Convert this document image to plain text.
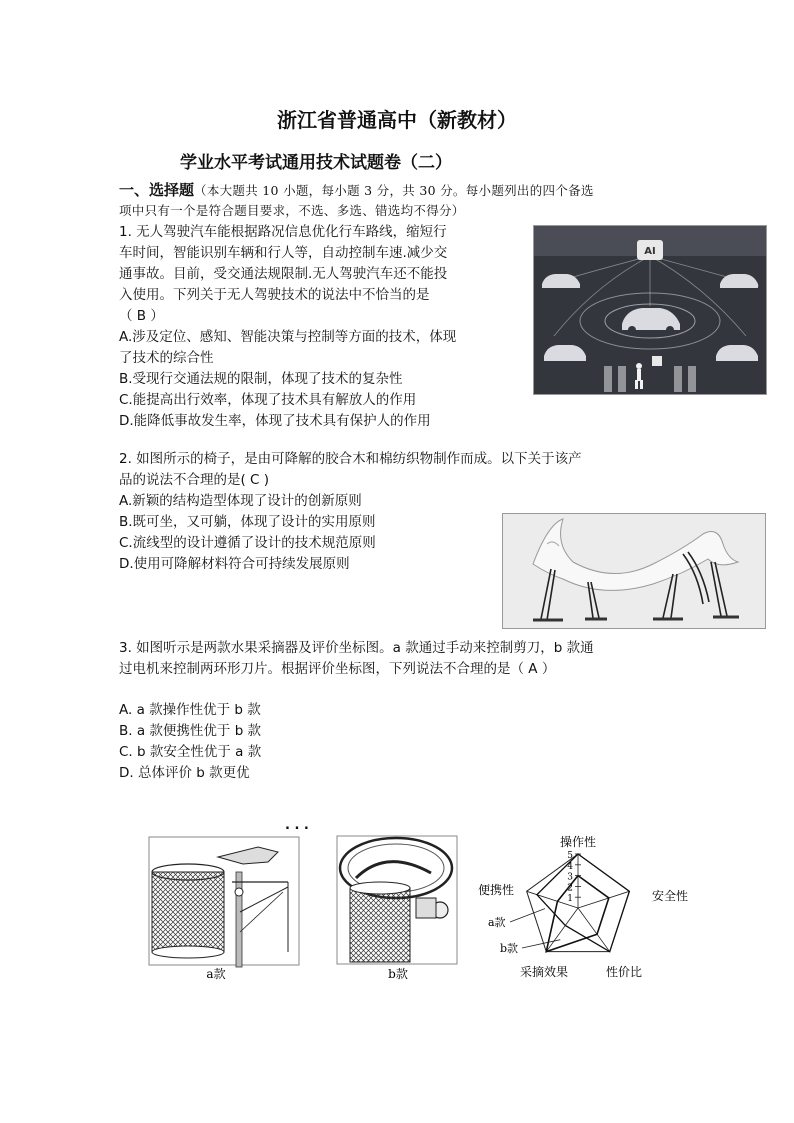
浙江省普通高中（新教材）
学业水平考试通用技术试题卷（二）
一、选择题（本大题共 10 小题，每小题 3 分，共 30 分。每小题列出的四个备选
项中只有一个是符合题目要求，不选、多选、错选均不得分）

1. 无人驾驶汽车能根据路况信息优化行车路线，缩短行

车时间，智能识别车辆和行人等，自动控制车速.减少交

通事故。目前，受交通法规限制.无人驾驶汽车还不能投

入使用。下列关于无人驾驶技术的说法中不恰当的是

（ B ）

A.涉及定位、感知、智能决策与控制等方面的技术，体现

了技术的综合性

B.受现行交通法规的限制，体现了技术的复杂性

C.能提高出行效率，体现了技术具有解放人的作用

D.能降低事故发生率，体现了技术具有保护人的作用

AI

2. 如图所示的椅子，是由可降解的胶合木和棉纺织物制作而成。以下关于该产

品的说法不合理的是( C )

A.新颖的结构造型体现了设计的创新原则

B.既可坐，又可躺，体现了设计的实用原则

C.流线型的设计遵循了设计的技术规范原则

D.使用可降解材料符合可持续发展原则

3. 如图听示是两款水果采摘器及评价坐标图。a 款通过手动来控制剪刀，b 款通

过电机来控制两环形刀片。根据评价坐标图，下列说法不合理的是（ A ）

A. a 款操作性优于 b 款

B. a 款便携性优于 b 款

C. b 款安全性优于 a 款

D. 总体评价 b 款更优

. . .
a款	b款
操作性
安全性
性价比
采摘效果
便携性
a款
b款
1
2
3
4
5
